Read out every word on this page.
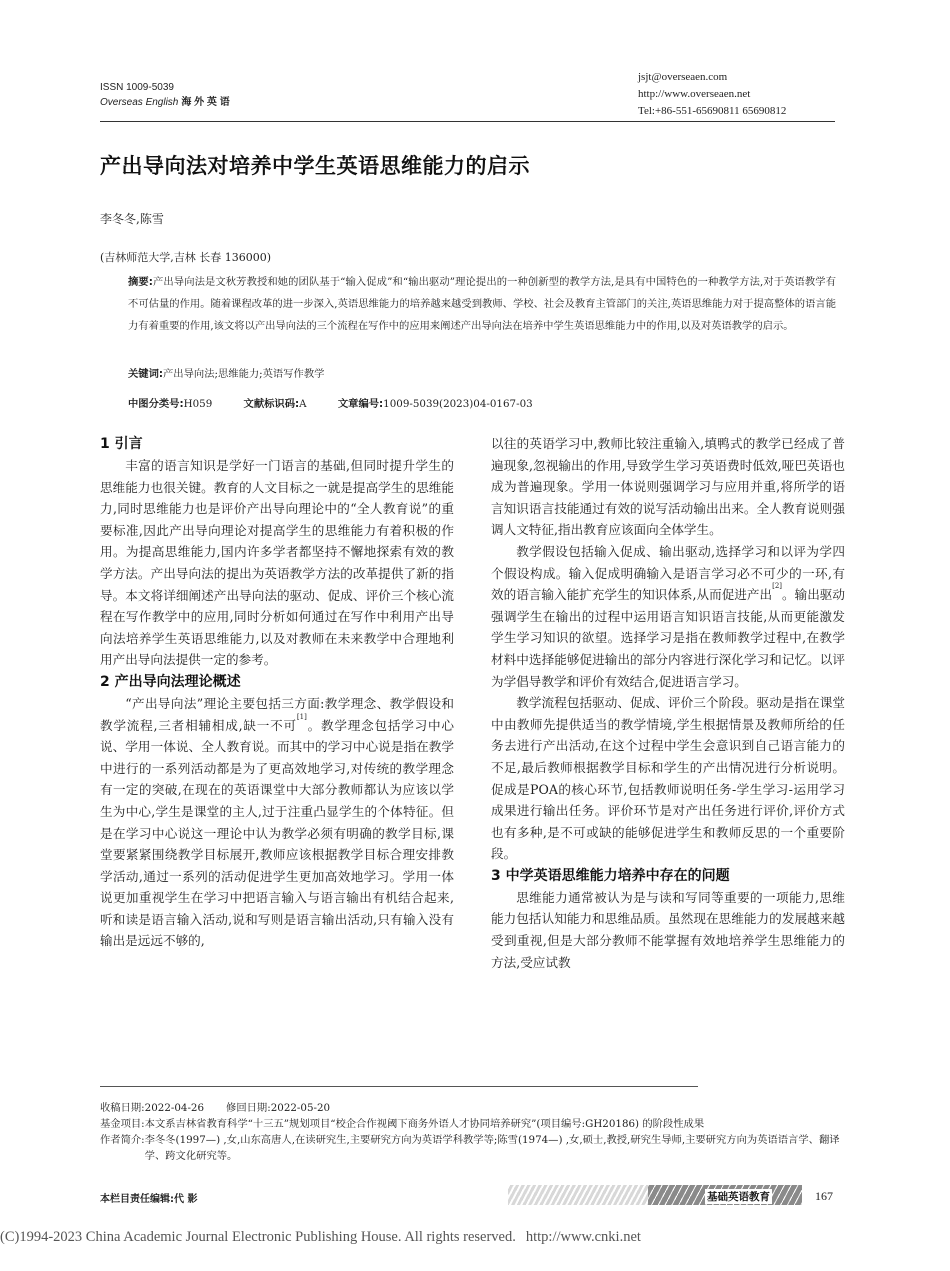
ISSN 1009-5039
Overseas English 海 外 英 语
jsjt@overseaen.com
http://www.overseaen.net
Tel:+86-551-65690811 65690812
产出导向法对培养中学生英语思维能力的启示
李冬冬,陈雪
(吉林师范大学,吉林 长春 136000)
摘要:产出导向法是文秋芳教授和她的团队基于“输入促成”和“输出驱动”理论提出的一种创新型的教学方法,是具有中国特色的一种教学方法,对于英语教学有不可估量的作用。随着课程改革的进一步深入,英语思维能力的培养越来越受到教师、学校、社会及教育主管部门的关注,英语思维能力对于提高整体的语言能力有着重要的作用,该文将以产出导向法的三个流程在写作中的应用来阐述产出导向法在培养中学生英语思维能力中的作用,以及对英语教学的启示。
关键词:产出导向法;思维能力;英语写作教学
中图分类号:H059	文献标识码:A	文章编号:1009-5039(2023)04-0167-03
1 引言

丰富的语言知识是学好一门语言的基础,但同时提升学生的思维能力也很关键。教育的人文目标之一就是提高学生的思维能力,同时思维能力也是评价产出导向理论中的“全人教育说”的重要标准,因此产出导向理论对提高学生的思维能力有着积极的作用。为提高思维能力,国内许多学者都坚持不懈地探索有效的教学方法。产出导向法的提出为英语教学方法的改革提供了新的指导。本文将详细阐述产出导向法的驱动、促成、评价三个核心流程在写作教学中的应用,同时分析如何通过在写作中利用产出导向法培养学生英语思维能力,以及对教师在未来教学中合理地利用产出导向法提供一定的参考。

2 产出导向法理论概述

“产出导向法”理论主要包括三方面:教学理念、教学假设和教学流程,三者相辅相成,缺一不可[1]。教学理念包括学习中心说、学用一体说、全人教育说。而其中的学习中心说是指在教学中进行的一系列活动都是为了更高效地学习,对传统的教学理念有一定的突破,在现在的英语课堂中大部分教师都认为应该以学生为中心,学生是课堂的主人,过于注重凸显学生的个体特征。但是在学习中心说这一理论中认为教学必须有明确的教学目标,课堂要紧紧围绕教学目标展开,教师应该根据教学目标合理安排教学活动,通过一系列的活动促进学生更加高效地学习。学用一体说更加重视学生在学习中把语言输入与语言输出有机结合起来,听和读是语言输入活动,说和写则是语言输出活动,只有输入没有输出是远远不够的,

以往的英语学习中,教师比较注重输入,填鸭式的教学已经成了普遍现象,忽视输出的作用,导致学生学习英语费时低效,哑巴英语也成为普遍现象。学用一体说则强调学习与应用并重,将所学的语言知识语言技能通过有效的说写活动输出出来。全人教育说则强调人文特征,指出教育应该面向全体学生。

教学假设包括输入促成、输出驱动,选择学习和以评为学四个假设构成。输入促成明确输入是语言学习必不可少的一环,有效的语言输入能扩充学生的知识体系,从而促进产出[2]。输出驱动强调学生在输出的过程中运用语言知识语言技能,从而更能激发学生学习知识的欲望。选择学习是指在教师教学过程中,在教学材料中选择能够促进输出的部分内容进行深化学习和记忆。以评为学倡导教学和评价有效结合,促进语言学习。

教学流程包括驱动、促成、评价三个阶段。驱动是指在课堂中由教师先提供适当的教学情境,学生根据情景及教师所给的任务去进行产出活动,在这个过程中学生会意识到自己语言能力的不足,最后教师根据教学目标和学生的产出情况进行分析说明。促成是POA的核心环节,包括教师说明任务-学生学习-运用学习成果进行输出任务。评价环节是对产出任务进行评价,评价方式也有多种,是不可或缺的能够促进学生和教师反思的一个重要阶段。

3 中学英语思维能力培养中存在的问题

思维能力通常被认为是与读和写同等重要的一项能力,思维能力包括认知能力和思维品质。虽然现在思维能力的发展越来越受到重视,但是大部分教师不能掌握有效地培养学生思维能力的方法,受应试教

收稿日期: 2022-04-26 修回日期: 2022-05-20
基金项目: 本文系吉林省教育科学“十三五”规划项目“校企合作视阈下商务外语人才协同培养研究”(项目编号:GH20186) 的阶段性成果
作者简介: 李冬冬(1997—) ,女,山东高唐人,在读研究生,主要研究方向为英语学科教学等;陈雪(1974—) ,女,硕士,教授,研究生导师,主要研究方向为英语语言学、翻译学、跨文化研究等。
本栏目责任编辑:代 影	基础英语教育	167
(C)1994-2023 China Academic Journal Electronic Publishing House. All rights reserved. http://www.cnki.net
